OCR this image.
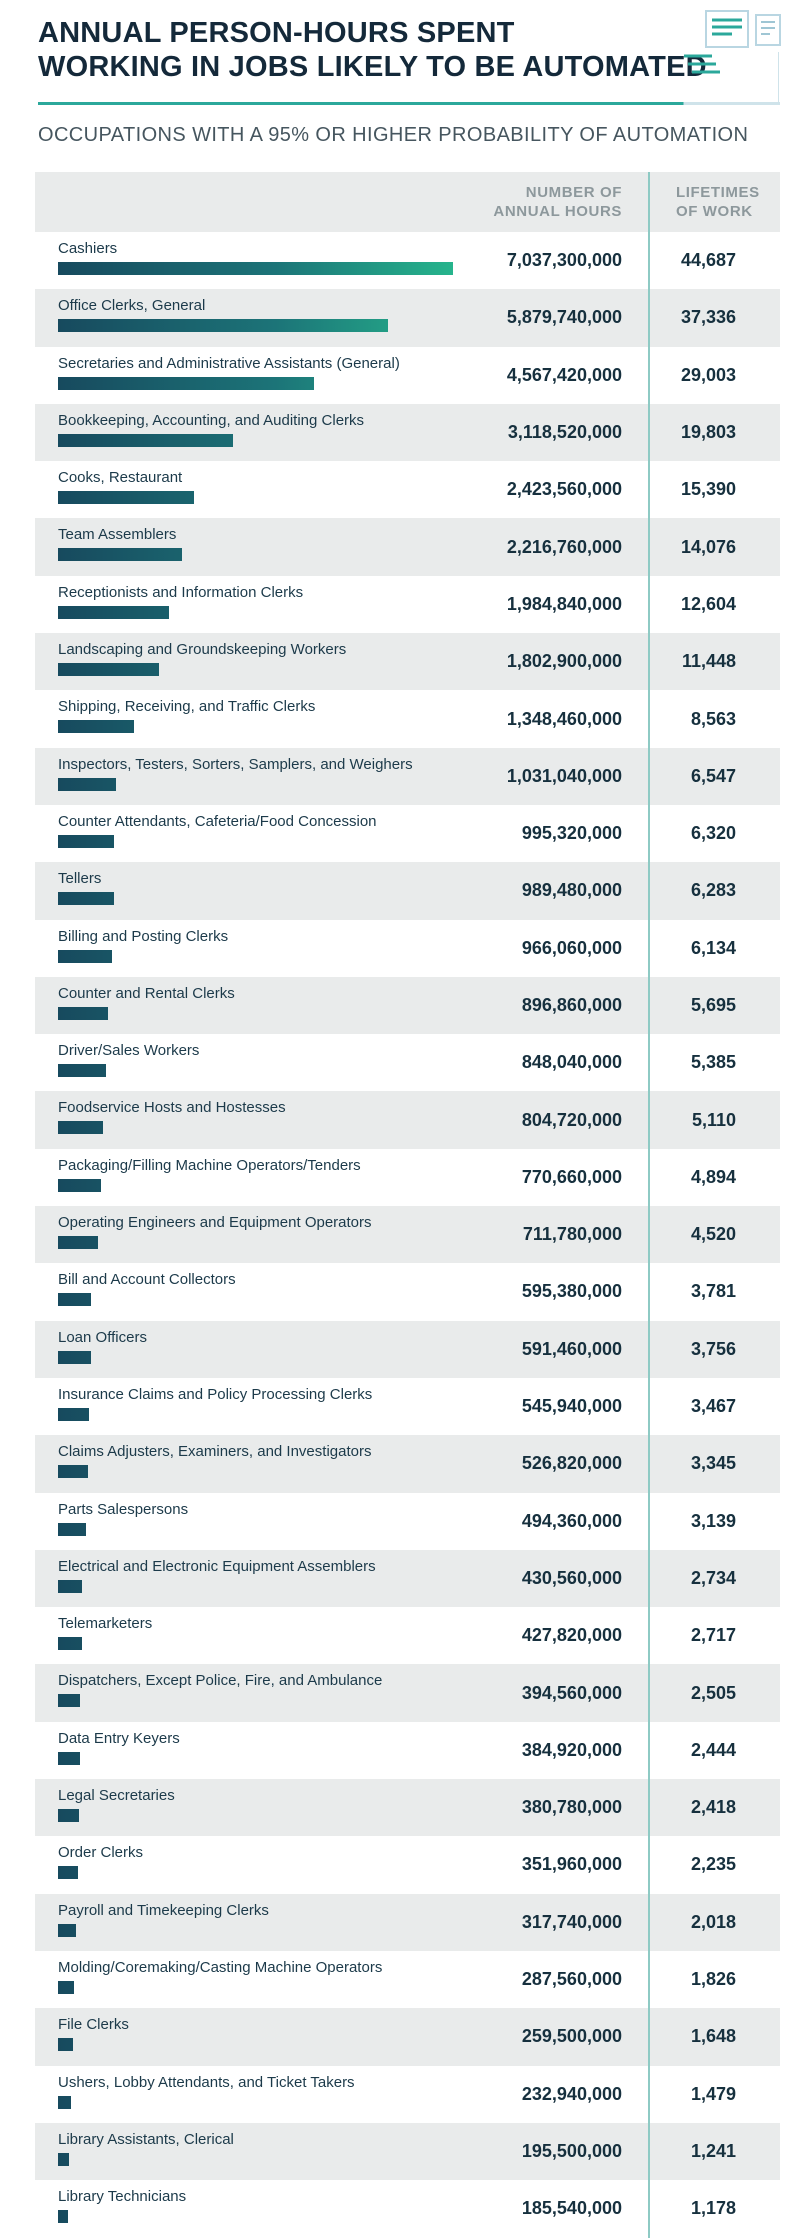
ANNUAL PERSON-HOURS SPENT
WORKING IN JOBS LIKELY TO BE AUTOMATED
OCCUPATIONS WITH A 95% OR HIGHER PROBABILITY OF AUTOMATION
NUMBER OF
ANNUAL HOURS
LIFETIMES
OF WORK
Cashiers
7,037,300,000	44,687
Office Clerks, General
5,879,740,000	37,336
Secretaries and Administrative Assistants (General)
4,567,420,000	29,003
Bookkeeping, Accounting, and Auditing Clerks
3,118,520,000	19,803
Cooks, Restaurant
2,423,560,000	15,390
Team Assemblers
2,216,760,000	14,076
Receptionists and Information Clerks
1,984,840,000	12,604
Landscaping and Groundskeeping Workers
1,802,900,000	11,448
Shipping, Receiving, and Traffic Clerks
1,348,460,000	8,563
Inspectors, Testers, Sorters, Samplers, and Weighers
1,031,040,000	6,547
Counter Attendants, Cafeteria/Food Concession
995,320,000	6,320
Tellers
989,480,000	6,283
Billing and Posting Clerks
966,060,000	6,134
Counter and Rental Clerks
896,860,000	5,695
Driver/Sales Workers
848,040,000	5,385
Foodservice Hosts and Hostesses
804,720,000	5,110
Packaging/Filling Machine Operators/Tenders
770,660,000	4,894
Operating Engineers and Equipment Operators
711,780,000	4,520
Bill and Account Collectors
595,380,000	3,781
Loan Officers
591,460,000	3,756
Insurance Claims and Policy Processing Clerks
545,940,000	3,467
Claims Adjusters, Examiners, and Investigators
526,820,000	3,345
Parts Salespersons
494,360,000	3,139
Electrical and Electronic Equipment Assemblers
430,560,000	2,734
Telemarketers
427,820,000	2,717
Dispatchers, Except Police, Fire, and Ambulance
394,560,000	2,505
Data Entry Keyers
384,920,000	2,444
Legal Secretaries
380,780,000	2,418
Order Clerks
351,960,000	2,235
Payroll and Timekeeping Clerks
317,740,000	2,018
Molding/Coremaking/Casting Machine Operators
287,560,000	1,826
File Clerks
259,500,000	1,648
Ushers, Lobby Attendants, and Ticket Takers
232,940,000	1,479
Library Assistants, Clerical
195,500,000	1,241
Library Technicians
185,540,000	1,178
